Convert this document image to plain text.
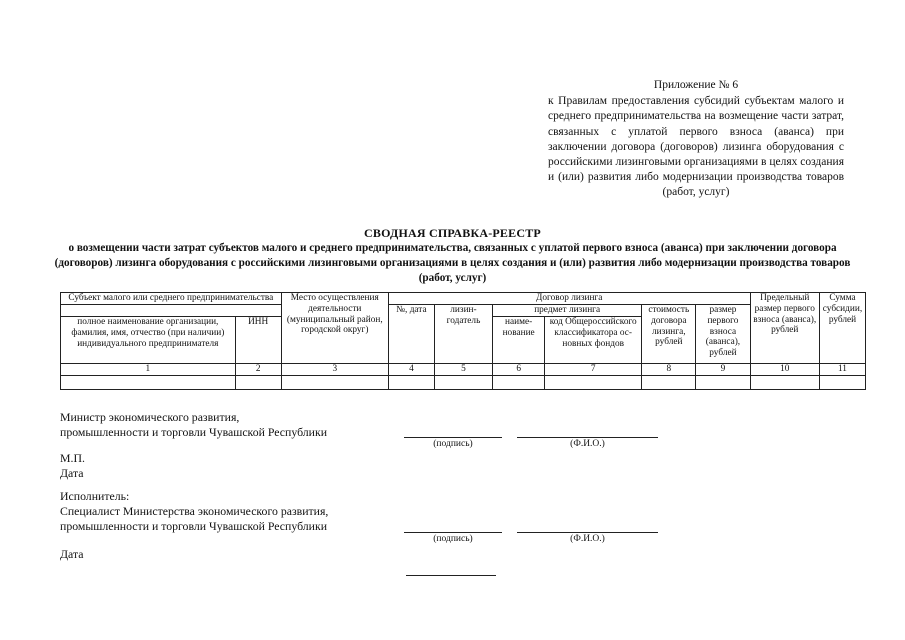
Приложение № 6
к Правилам предоставления субсидий субъектам малого и среднего предпринимательства на возмещение части затрат, связанных с уплатой первого взноса (аванса) при заключении договора (договоров) лизинга оборудования с российскими лизинговыми организациями в целях создания и (или) развития либо модернизации производства товаров (работ, услуг)
СВОДНАЯ СПРАВКА-РЕЕСТР
о возмещении части затрат субъектов малого и среднего предпринимательства, связанных с уплатой первого взноса (аванса) при заключении договора (договоров) лизинга оборудования с российскими лизинговыми организациями в целях создания и (или) развития либо модернизации производства товаров (работ, услуг)
Субъект малого или среднего предпринимательства		Место осуществления деятельности (муниципальный район, городской округ)	Договор лизинга						Предельный размер первого взноса (аванса), рублей	Сумма субсидии, рублей
			№, дата	лизингодатель	предмет лизинга		стоимость договора лизинга, рублей	размер первого взноса (аванса), рублей		
полное наименование организации, фамилия, имя, отчество (при наличии) индивидуального предпринимателя	ИНН				наименование	код Общероссийского классификатора основных фондов				
1	2	3	4	5	6	7	8	9	10	11

Министр экономического развития,
промышленности и торговли Чувашской Республики
(подпись)	(Ф.И.О.)
М.П.
Дата
Исполнитель:
Специалист Министерства экономического развития,
промышленности и торговли Чувашской Республики
(подпись)	(Ф.И.О.)
Дата
